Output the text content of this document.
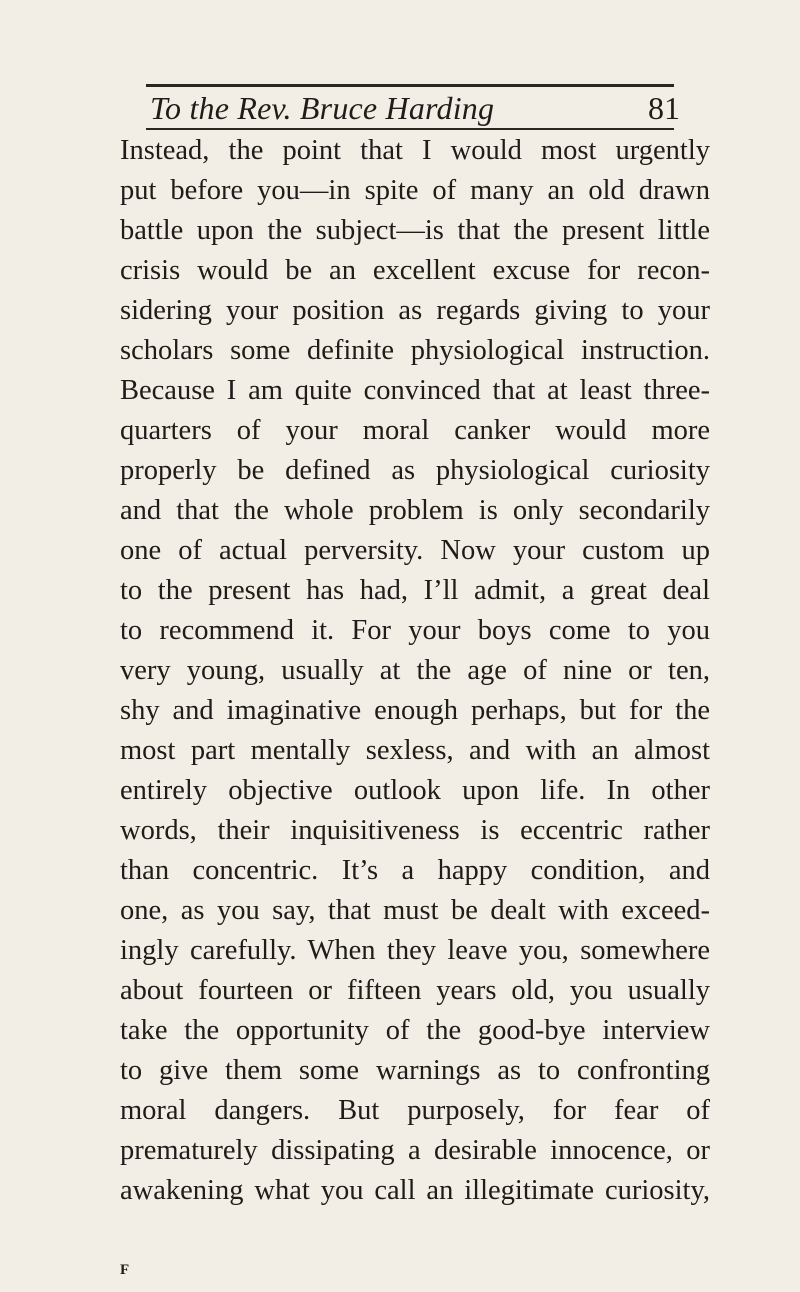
To the Rev. Bruce Harding	81
Instead, the point that I would most urgently
put before you—in spite of many an old drawn
battle upon the subject—is that the present little
crisis would be an excellent excuse for recon-
sidering your position as regards giving to your
scholars some definite physiological instruction.
Because I am quite convinced that at least three-
quarters of your moral canker would more
properly be defined as physiological curiosity
and that the whole problem is only secondarily
one of actual perversity. Now your custom up
to the present has had, I’ll admit, a great deal
to recommend it. For your boys come to you
very young, usually at the age of nine or ten,
shy and imaginative enough perhaps, but for the
most part mentally sexless, and with an almost
entirely objective outlook upon life. In other
words, their inquisitiveness is eccentric rather
than concentric. It’s a happy condition, and
one, as you say, that must be dealt with exceed-
ingly carefully. When they leave you, somewhere
about fourteen or fifteen years old, you usually
take the opportunity of the good-bye interview
to give them some warnings as to confronting
moral dangers. But purposely, for fear of
prematurely dissipating a desirable innocence, or
awakening what you call an illegitimate curiosity,
F
